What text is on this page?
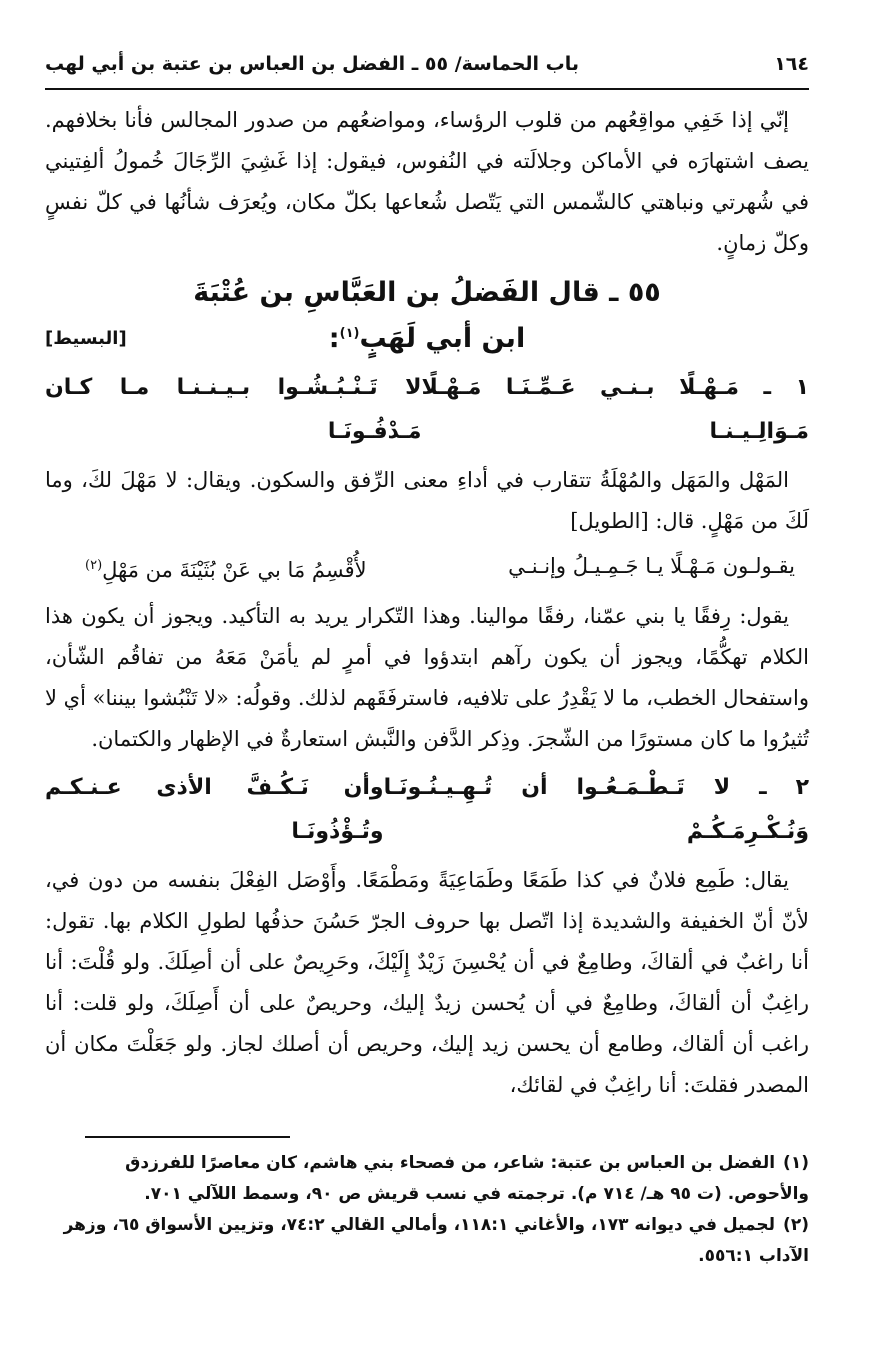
١٦٤
باب الحماسة/ ٥٥ ـ الفضل بن العباس بن عتبة بن أبي لهب

إنّي إذا خَفِي مواقِعُهم من قلوب الرؤساء، ومواضعُهم من صدور المجالس فأنا بخلافهم. يصف اشتهارَه في الأماكن وجلالَته في النُفوس، فيقول: إذا غَشِيَ الرِّجَالَ خُمولُ ألفِتيني في شُهرتي ونباهتي كالشّمس التي يَتّصل شُعاعها بكلّ مكان، ويُعرَف شأنُها في كلّ نفسٍ وكلّ زمانٍ.

٥٥ ـ قال الفَضلُ بن العَبَّاسِ بن عُتْبَةَ
ابن أبي لَهَبٍ$^{(١)}$:
[البسيط]
١ ـ مَـهْـلًا بـنـي عَـمِّـنَـا مَـهْـلًا مَـوَالِـيـنـا
لا تَـنْـبُـشُـوا بـيـنـنـا مـا كـان مَـدْفُـونَـا

المَهْل والمَهَل والمُهْلَةُ تتقارب في أداءِ معنى الرِّفق والسكون. ويقال: لا مَهْلَ لكَ، وما لَكَ من مَهْلٍ. قال: [الطويل]

يقـولـون مَـهْـلًا يـا جَـمِـيـلُ وإنـنـي
لأُقْسِمُ مَا بي عَنْ بُثَيْنَةَ من مَهْلِ$^{(٢)}$

يقول: رِفقًا يا بني عمّنا، رفقًا موالينا. وهذا التّكرار يريد به التأكيد. ويجوز أن يكون هذا الكلام تهكُّمًا، ويجوز أن يكون رآهم ابتدؤوا في أمرٍ لم يأمَنْ مَعَهُ من تفاقُم الشّأن، واستفحال الخطب، ما لا يَقْدِرُ على تلافيه، فاسترفَقَهم لذلك. وقولُه: «لا تَنْبُشوا بيننا» أي لا تُثيرُوا ما كان مستورًا من الشّجرَ. وذِكر الدَّفن والنَّبش استعارةٌ في الإظهار والكتمان.

٢ ـ لا تَـطْـمَـعُـوا أن تُـهِـيـنُـونَـا وَنُـكْـرِمَـكُـمْ
وأن نَـكُـفَّ الأذى عـنـكـم وتُـؤْذُونَـا

يقال: طَمِع فلانٌ في كذا طَمَعًا وطَمَاعِيَةً ومَطْمَعًا. وأَوْصَل الفِعْلَ بنفسه من دون في، لأنّ أنّ الخفيفة والشديدة إذا اتّصل بها حروف الجرّ حَسُنَ حذفُها لطولِ الكلام بها. تقول: أنا راغبٌ في ألقاكَ، وطامِعٌ في أن يُحْسِنَ زَيْدٌ إِلَيْكَ، وحَرِيصٌ على أن أصِلَكَ. ولو قُلْتَ: أنا راغِبٌ أن ألقاكَ، وطامِعٌ في أن يُحسن زيدٌ إليك، وحريصٌ على أن أَصِلَكَ، ولو قلت: أنا راغب أن ألقاك، وطامع أن يحسن زيد إليك، وحريص أن أصلك لجاز. ولو جَعَلْتَ مكان أن المصدر فقلتَ: أنا راغِبٌ في لقائك،

(١)الفضل بن العباس بن عتبة: شاعر، من فصحاء بني هاشم، كان معاصرًا للفرزدق والأحوص. (ت ٩٥ هـ/ ٧١٤ م). ترجمته في نسب قريش ص ٩٠، وسمط اللآلي ٧٠١.
(٢)لجميل في ديوانه ١٧٣، والأغاني ١١٨:١، وأمالي القالي ٧٤:٢، وتزيين الأسواق ٦٥، وزهر الآداب ٥٥٦:١.
